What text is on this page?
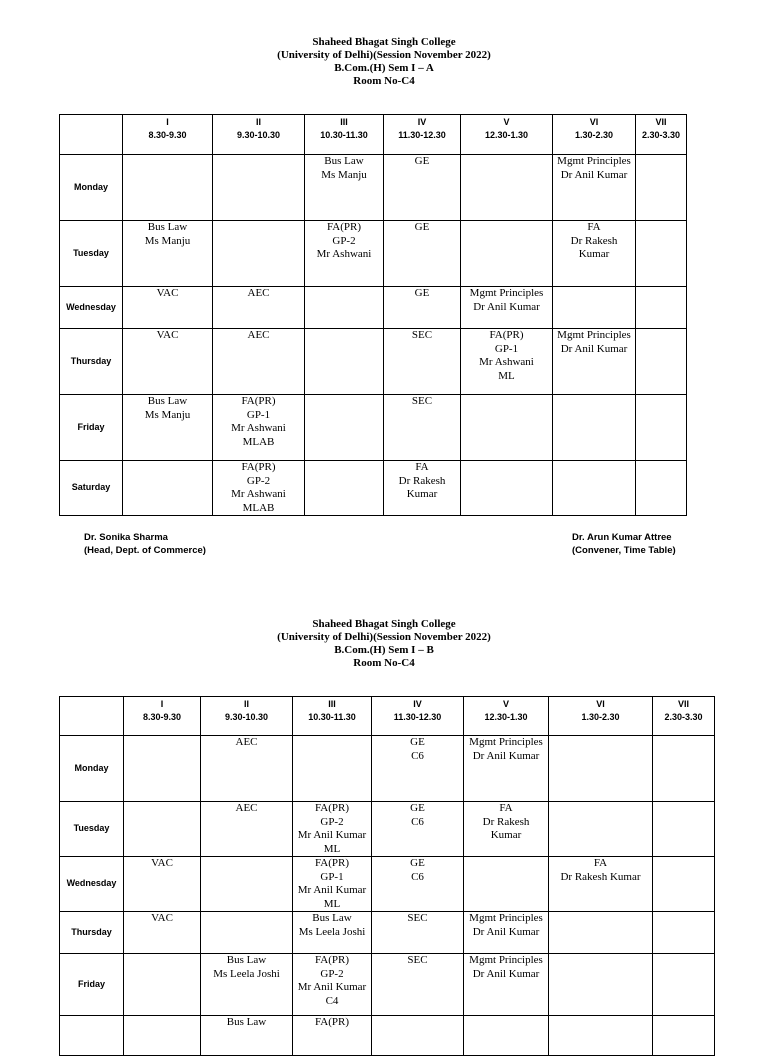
Shaheed Bhagat Singh College
(University of Delhi)(Session November 2022)
B.Com.(H) Sem I – A
Room No-C4

	I
8.30-9.30	II
9.30-10.30	III
10.30-11.30	IV
11.30-12.30	V
12.30-1.30	VI
1.30-2.30	VII
2.30-3.30

Monday			Bus Law
Ms Manju	GE		Mgmt Principles
Dr Anil Kumar	

Tuesday	Bus Law
Ms Manju		FA(PR)
GP-2
Mr Ashwani	GE		FA
Dr Rakesh
Kumar	

Wednesday	VAC	AEC		GE	Mgmt Principles
Dr Anil Kumar		

Thursday	VAC	AEC		SEC	FA(PR)
GP-1
Mr Ashwani
ML	Mgmt Principles
Dr Anil Kumar	

Friday	Bus Law
Ms Manju	FA(PR)
GP-1
Mr Ashwani
MLAB		SEC			

Saturday		FA(PR)
GP-2
Mr Ashwani
MLAB		FA
Dr Rakesh
Kumar			

Dr. Sonika Sharma
(Head, Dept. of Commerce)
Dr. Arun Kumar Attree
(Convener, Time Table)
Shaheed Bhagat Singh College
(University of Delhi)(Session November 2022)
B.Com.(H) Sem I – B
Room No-C4

	I
8.30-9.30	II
9.30-10.30	III
10.30-11.30	IV
11.30-12.30	V
12.30-1.30	VI
1.30-2.30	VII
2.30-3.30

Monday		AEC		GE
C6	Mgmt Principles
Dr Anil Kumar		

Tuesday		AEC	FA(PR)
GP-2
Mr Anil Kumar
ML	GE
C6	FA
Dr Rakesh
Kumar		

Wednesday	VAC		FA(PR)
GP-1
Mr Anil Kumar
ML	GE
C6		FA
Dr Rakesh Kumar	

Thursday	VAC		Bus Law
Ms Leela Joshi	SEC	Mgmt Principles
Dr Anil Kumar		

Friday		Bus Law
Ms Leela Joshi	FA(PR)
GP-2
Mr Anil Kumar
C4	SEC	Mgmt Principles
Dr Anil Kumar		

		Bus Law	FA(PR)				
